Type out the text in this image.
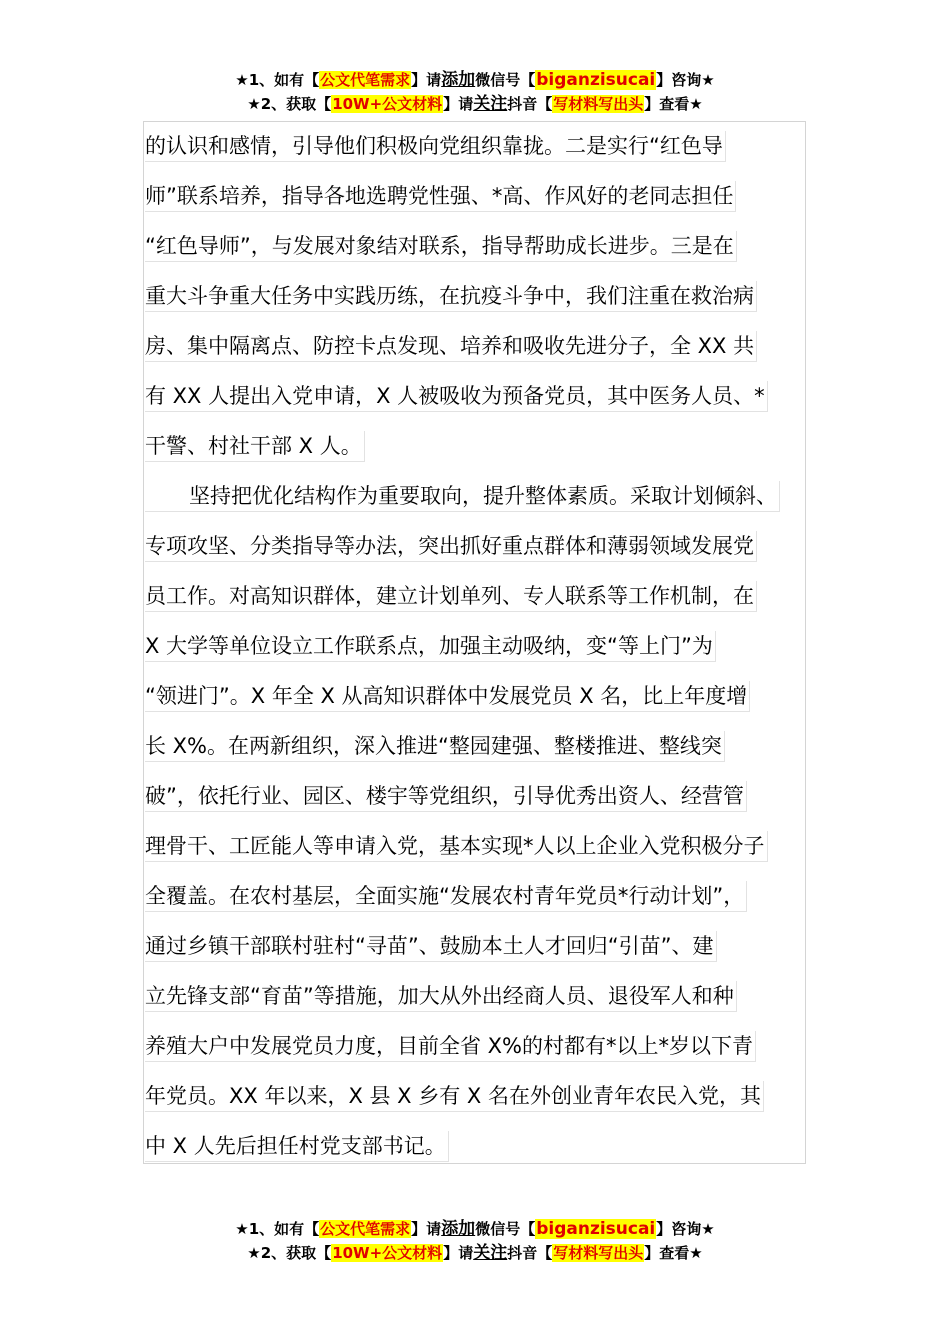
★1、如有【公文代笔需求】请添加微信号【biganzisucai】咨询★
★2、获取【10W+公文材料】请关注抖音【写材料写出头】查看★
的认识和感情，引导他们积极向党组织靠拢。二是实行“红色导
师”联系培养，指导各地选聘党性强、*高、作风好的老同志担任
“红色导师”，与发展对象结对联系，指导帮助成长进步。三是在
重大斗争重大任务中实践历练，在抗疫斗争中，我们注重在救治病
房、集中隔离点、防控卡点发现、培养和吸收先进分子，全 XX 共
有 XX 人提出入党申请，X 人被吸收为预备党员，其中医务人员、*
干警、村社干部 X 人。
坚持把优化结构作为重要取向，提升整体素质。采取计划倾斜、
专项攻坚、分类指导等办法，突出抓好重点群体和薄弱领域发展党
员工作。对高知识群体，建立计划单列、专人联系等工作机制，在
X 大学等单位设立工作联系点，加强主动吸纳，变“等上门”为
“领进门”。X 年全 X 从高知识群体中发展党员 X 名，比上年度增
长 X%。在两新组织，深入推进“整园建强、整楼推进、整线突
破”，依托行业、园区、楼宇等党组织，引导优秀出资人、经营管
理骨干、工匠能人等申请入党，基本实现*人以上企业入党积极分子
全覆盖。在农村基层，全面实施“发展农村青年党员*行动计划”，
通过乡镇干部联村驻村“寻苗”、鼓励本土人才回归“引苗”、建
立先锋支部“育苗”等措施，加大从外出经商人员、退役军人和种
养殖大户中发展党员力度，目前全省 X%的村都有*以上*岁以下青
年党员。XX 年以来，X 县 X 乡有 X 名在外创业青年农民入党，其
中 X 人先后担任村党支部书记。
★1、如有【公文代笔需求】请添加微信号【biganzisucai】咨询★
★2、获取【10W+公文材料】请关注抖音【写材料写出头】查看★
